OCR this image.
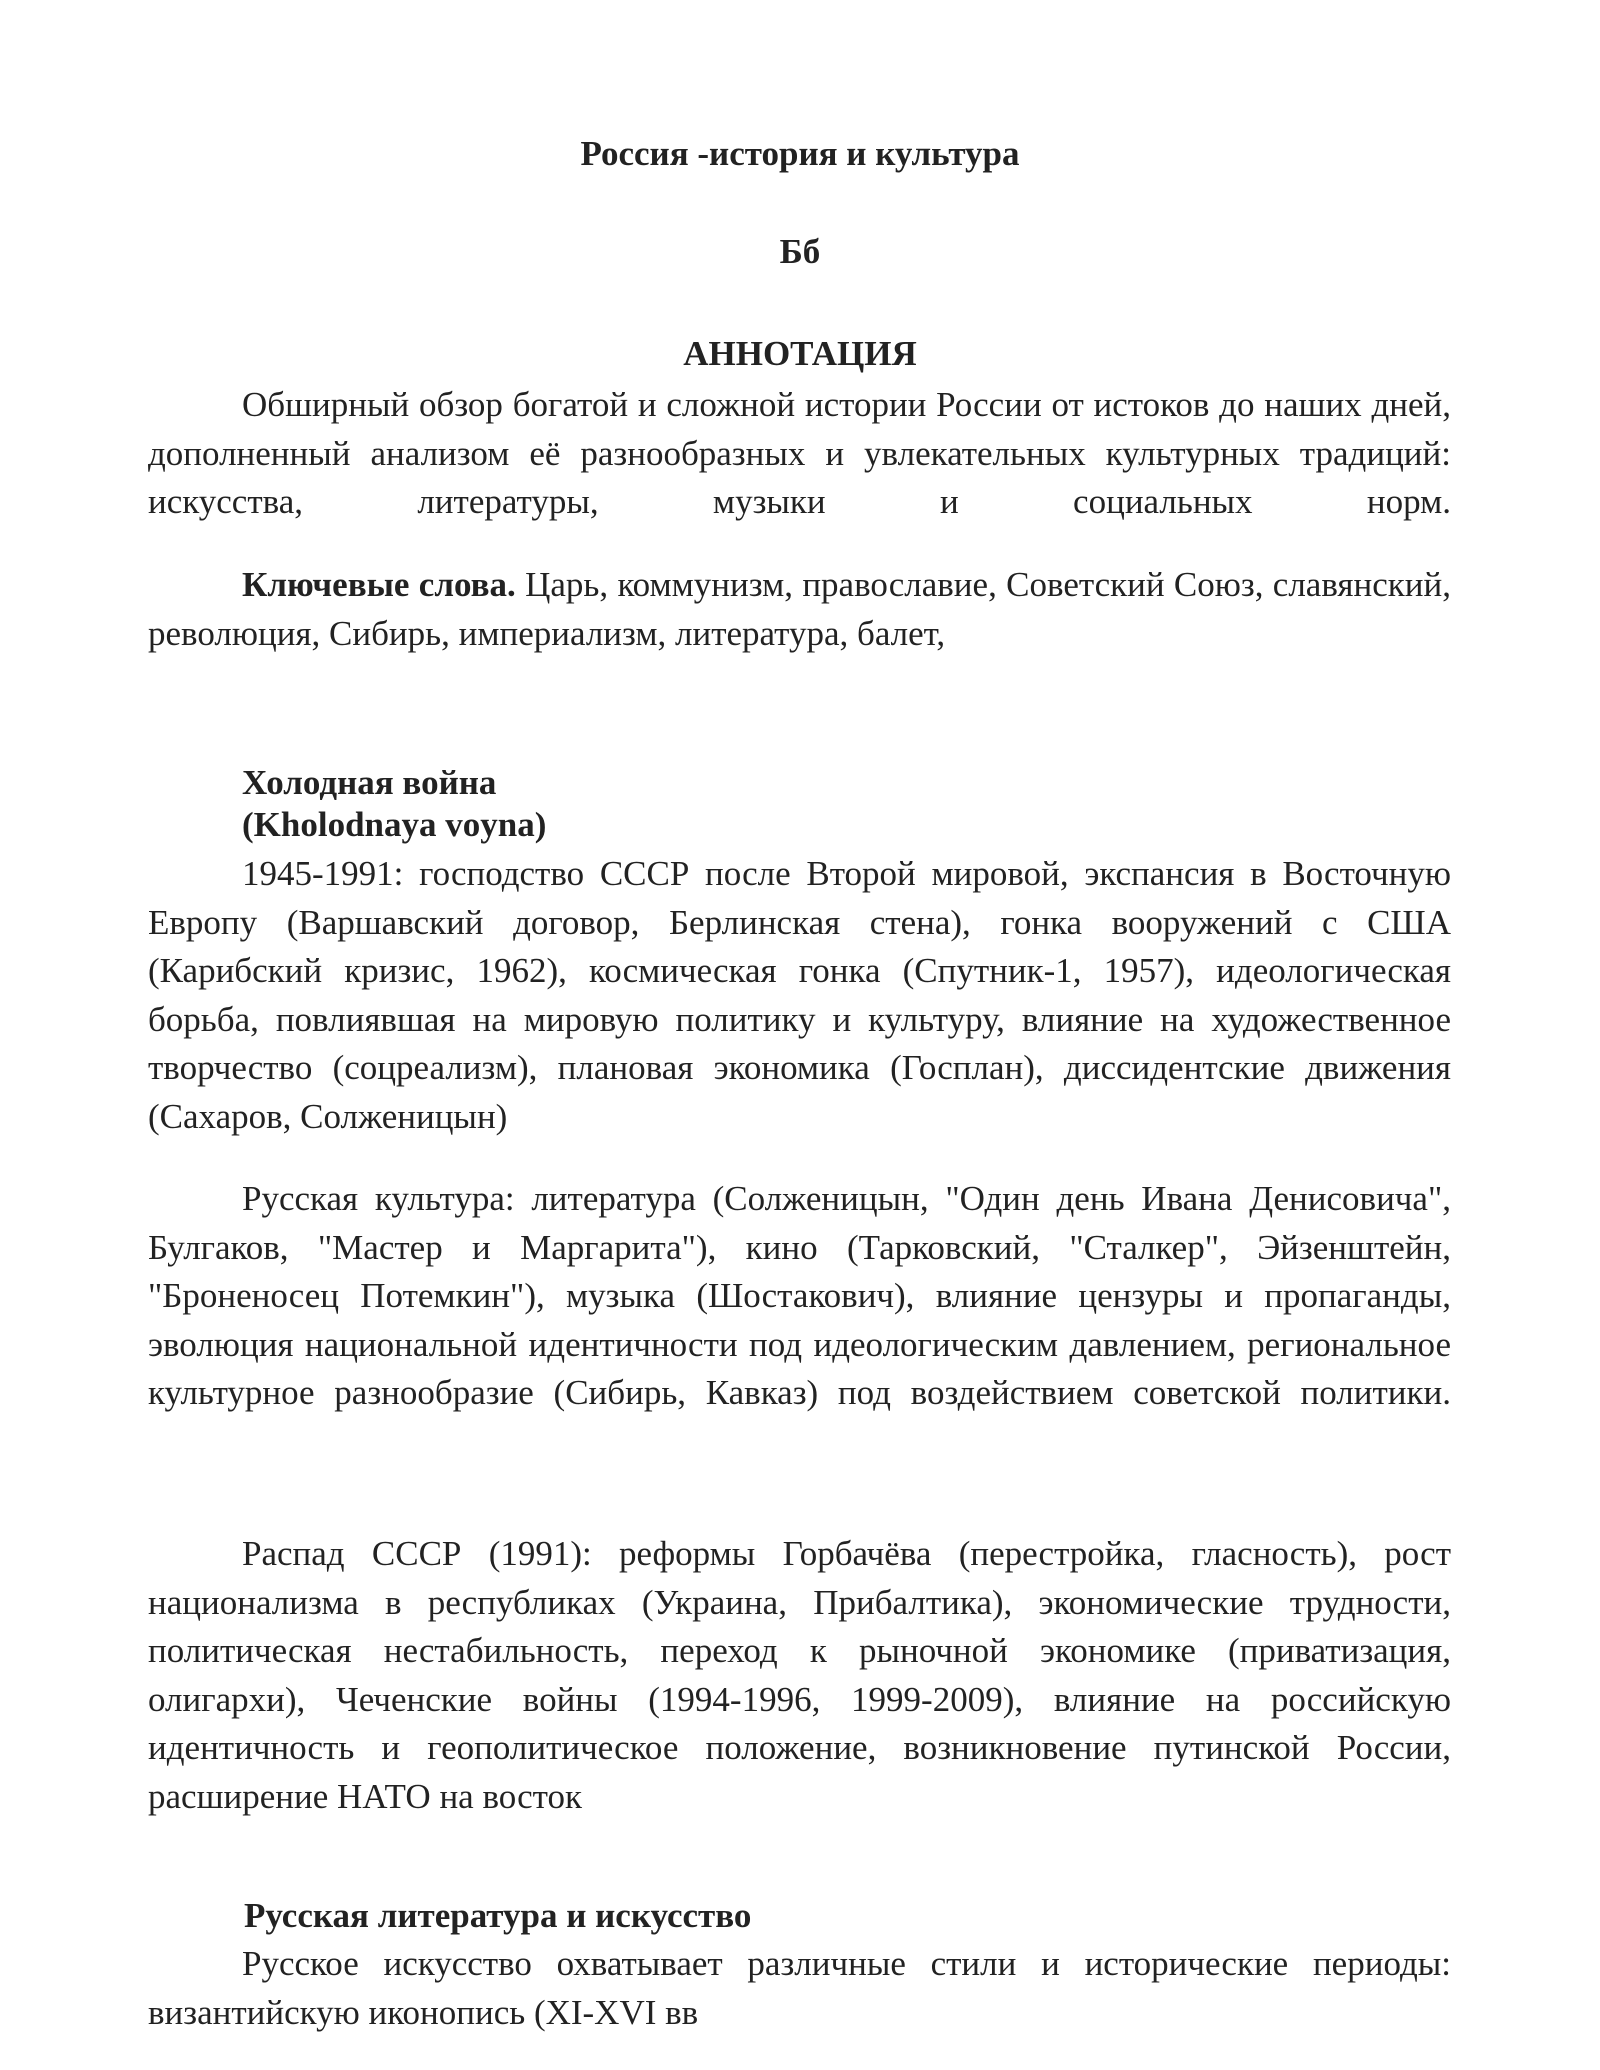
Россия -история и культура

Бб

АННОТАЦИЯ

Обширный обзор богатой и сложной истории России от истоков до наших дней, дополненный анализом её разнообразных и увлекательных культурных традиций: искусства, литературы, музыки и социальных норм.

Ключевые слова. Царь, коммунизм, православие, Советский Союз, славянский, революция, Сибирь, империализм, литература, балет,

Холодная война
(Kholodnaya voyna)

1945-1991: господство СССР после Второй мировой, экспансия в Восточную Европу (Варшавский договор, Берлинская стена), гонка вооружений с США (Карибский кризис, 1962), космическая гонка (Спутник-1, 1957), идеологическая борьба, повлиявшая на мировую политику и культуру, влияние на художественное творчество (соцреализм), плановая экономика (Госплан), диссидентские движения (Сахаров, Солженицын)

Русская культура: литература (Солженицын, "Один день Ивана Денисовича", Булгаков, "Мастер и Маргарита"), кино (Тарковский, "Сталкер", Эйзенштейн, "Броненосец Потемкин"), музыка (Шостакович), влияние цензуры и пропаганды, эволюция национальной идентичности под идеологическим давлением, региональное культурное разнообразие (Сибирь, Кавказ) под воздействием советской политики.

Распад СССР (1991): реформы Горбачёва (перестройка, гласность), рост национализма в республиках (Украина, Прибалтика), экономические трудности, политическая нестабильность, переход к рыночной экономике (приватизация, олигархи), Чеченские войны (1994-1996, 1999-2009), влияние на российскую идентичность и геополитическое положение, возникновение путинской России, расширение НАТО на восток

Русская литература и искусство

Русское искусство охватывает различные стили и исторические периоды: византийскую иконопись (XI-XVI вв
